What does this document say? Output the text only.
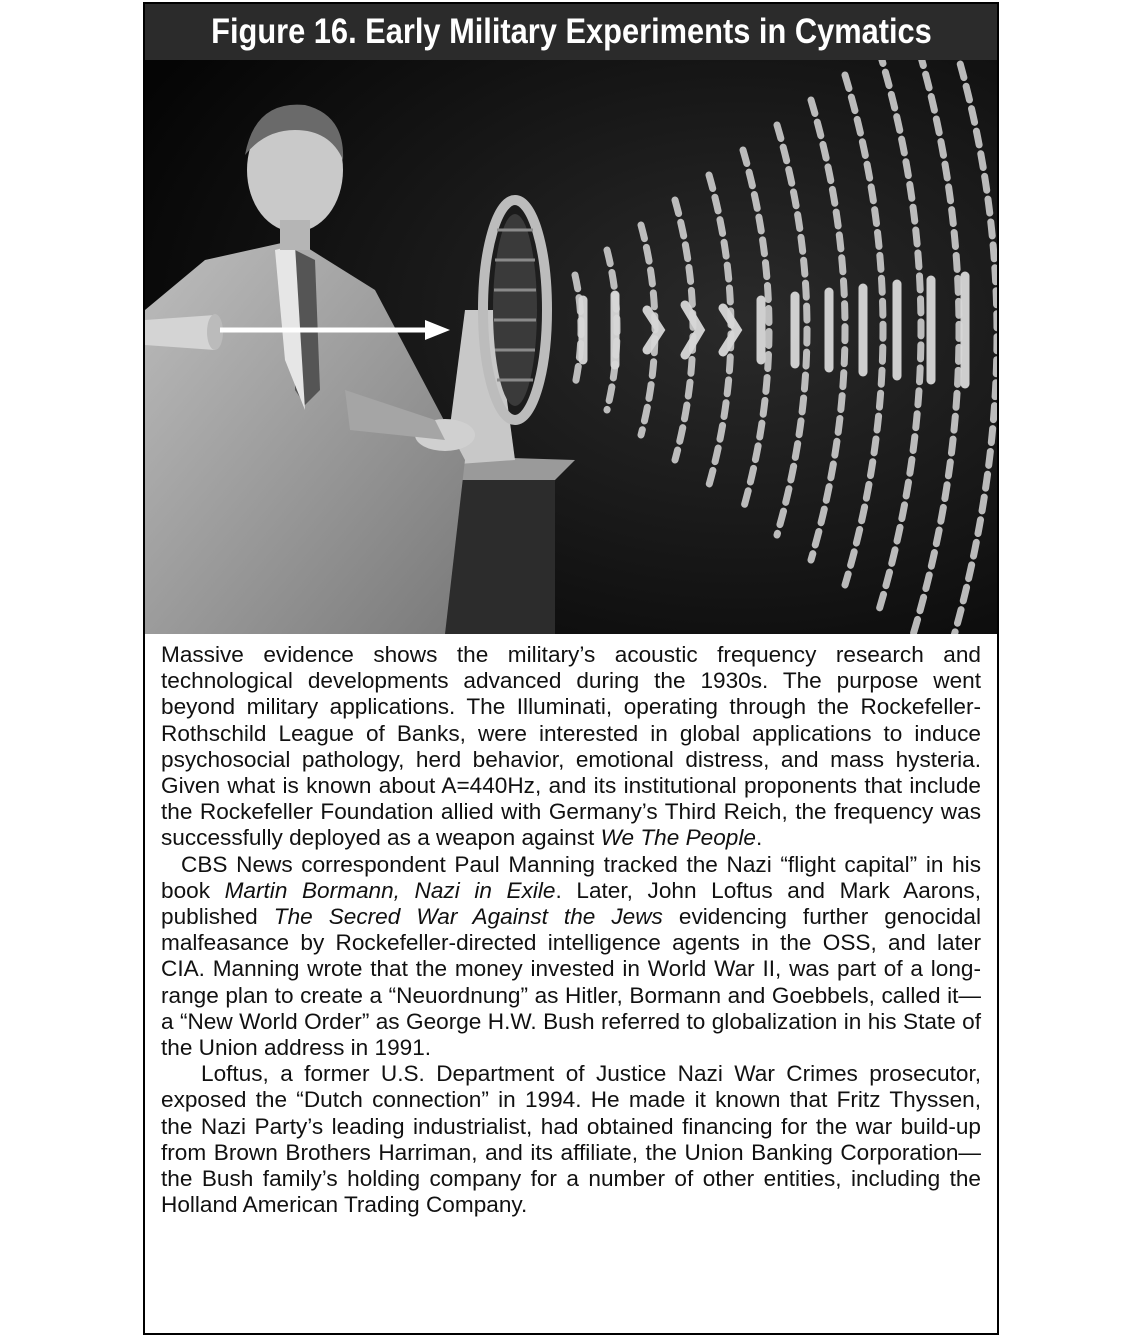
Figure 16. Early Military Experiments in Cymatics

Massive evidence shows the military’s acoustic frequency research and technological developments advanced during the 1930s. The purpose went beyond military applications. The Illuminati, operating through the Rockefeller-Rothschild League of Banks, were interested in global applications to induce psychosocial pathology, herd behavior, emotional distress, and mass hysteria. Given what is known about A=440Hz, and its institutional proponents that include the Rockefeller Foundation allied with Germany’s Third Reich, the frequency was successfully deployed as a weapon against We The People.

CBS News correspondent Paul Manning tracked the Nazi “flight capital” in his book Martin Bormann, Nazi in Exile. Later, John Loftus and Mark Aarons, published The Secred War Against the Jews evidencing further genocidal malfeasance by Rockefeller-directed intelligence agents in the OSS, and later CIA. Manning wrote that the money invested in World War II, was part of a long-range plan to create a “Neuordnung” as Hitler, Bormann and Goebbels, called it—a “New World Order” as George H.W. Bush referred to globalization in his State of the Union address in 1991.

Loftus, a former U.S. Department of Justice Nazi War Crimes prosecutor, exposed the “Dutch connection” in 1994. He made it known that Fritz Thyssen, the Nazi Party’s leading industrialist, had obtained financing for the war build-up from Brown Brothers Harriman, and its affiliate, the Union Banking Corporation—the Bush family’s holding company for a number of other entities, including the Holland American Trading Company.
